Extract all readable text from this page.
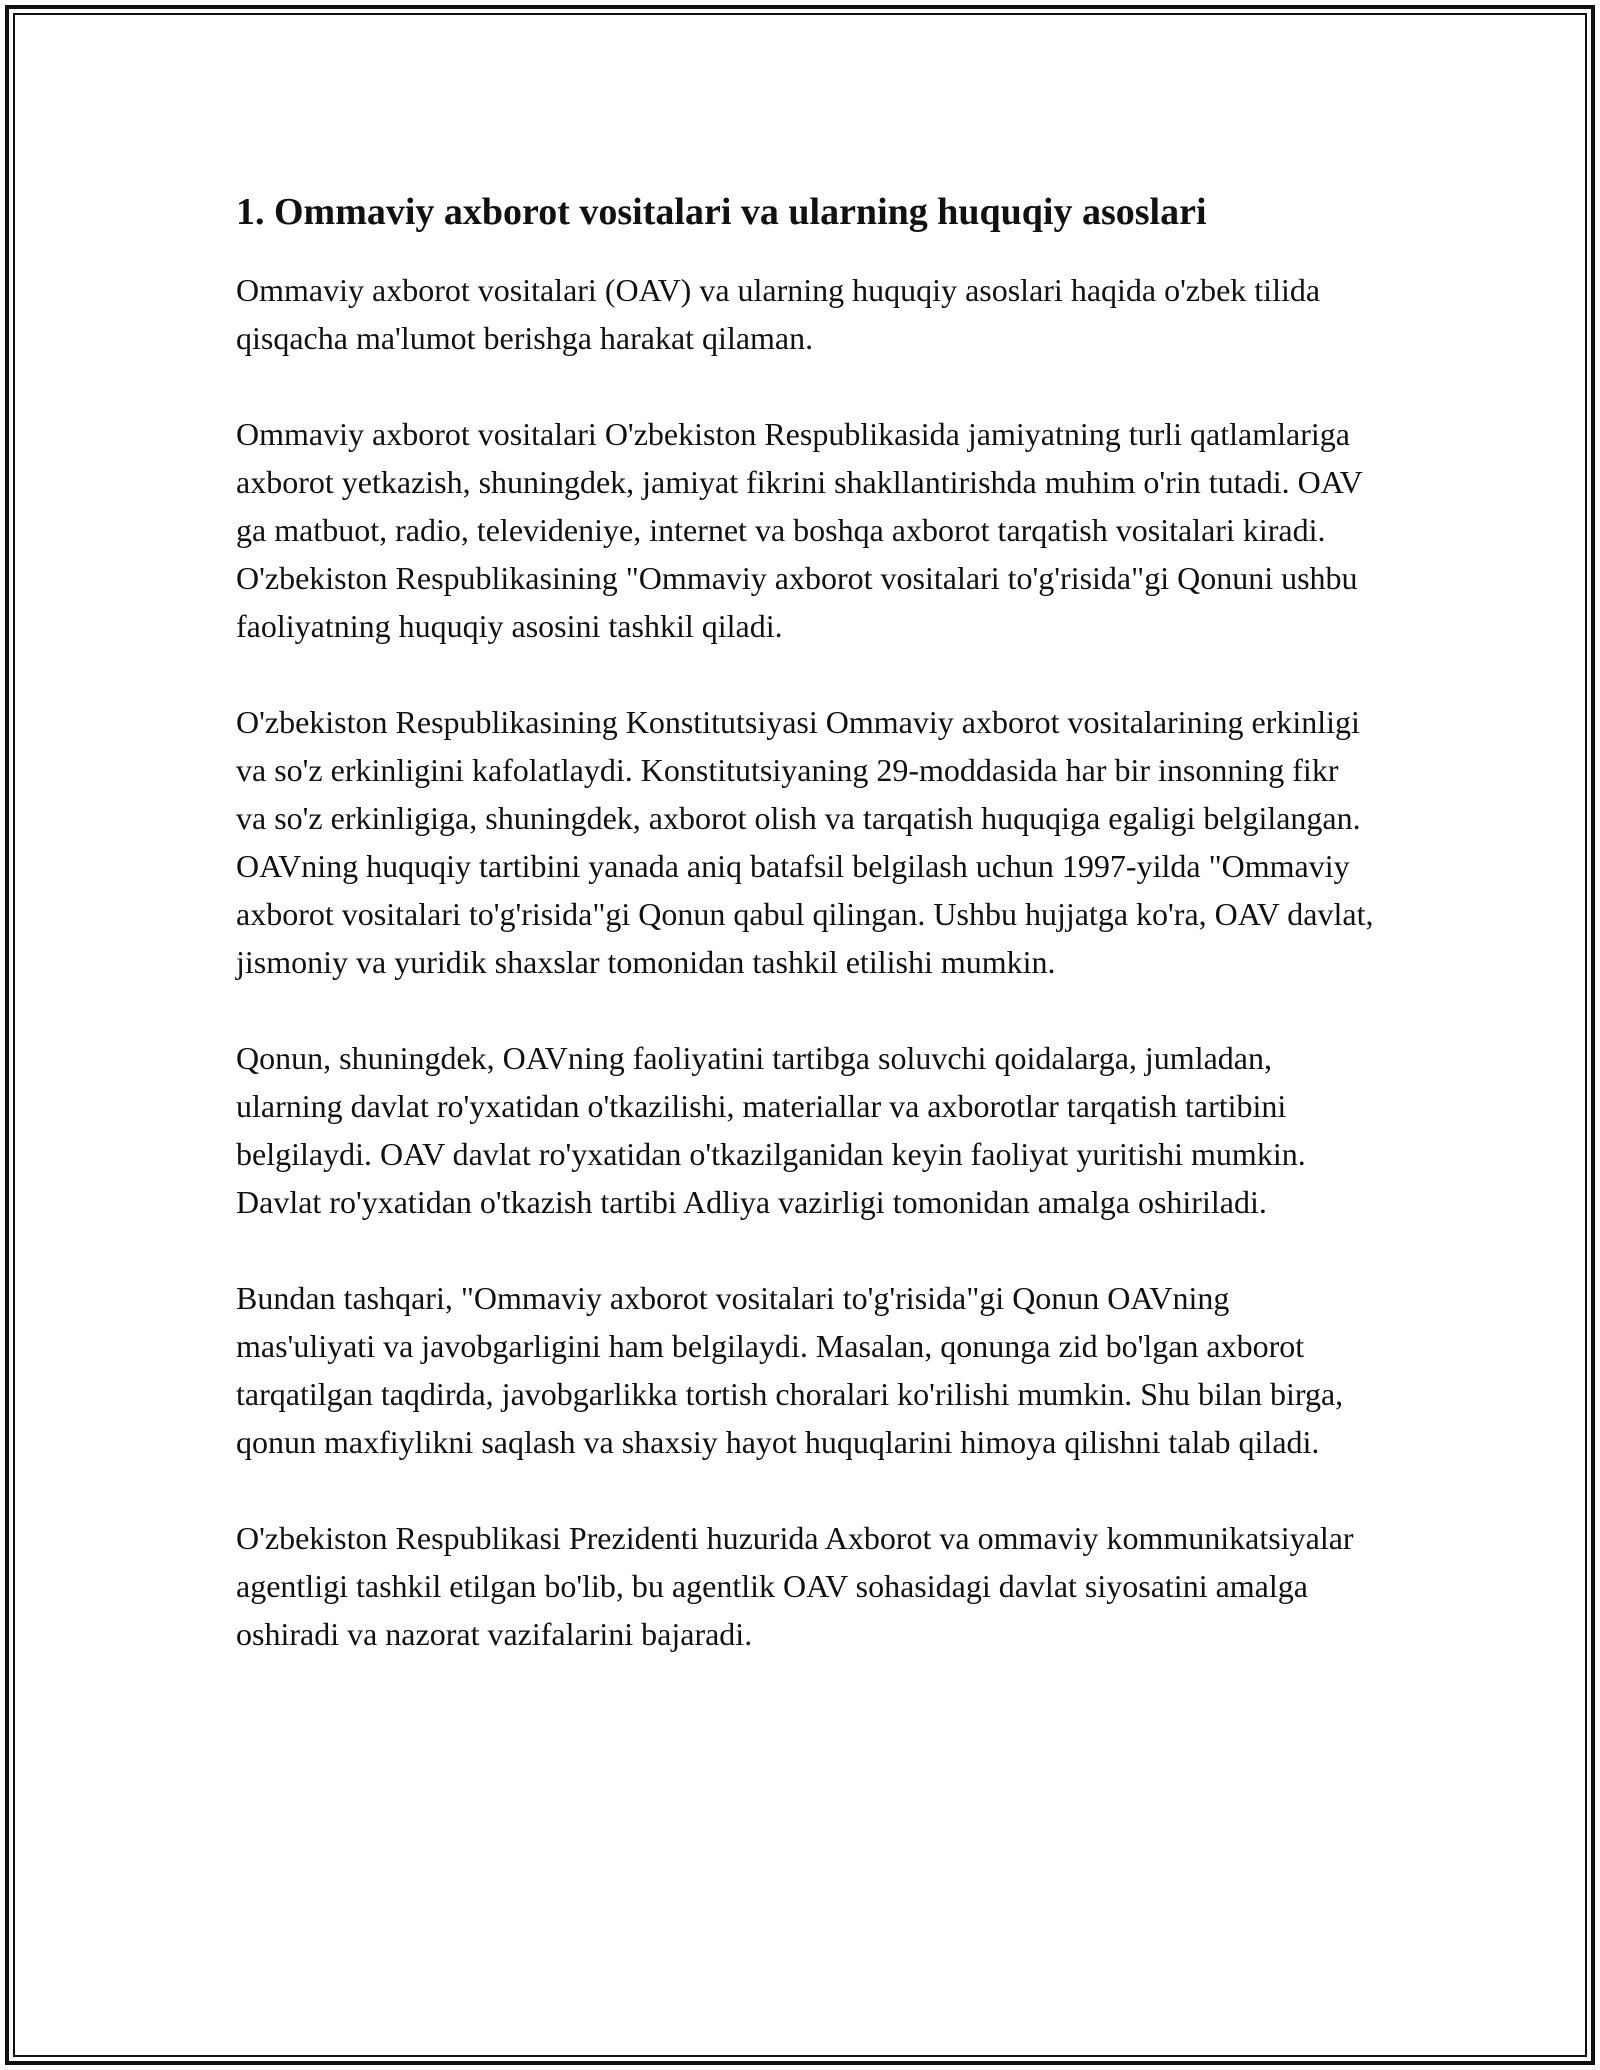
1. Ommaviy axborot vositalari va ularning huquqiy asoslari

Ommaviy axborot vositalari (OAV) va ularning huquqiy asoslari haqida o'zbek tilida qisqacha ma'lumot berishga harakat qilaman.

Ommaviy axborot vositalari O'zbekiston Respublikasida jamiyatning turli qatlamlariga axborot yetkazish, shuningdek, jamiyat fikrini shakllantirishda muhim o'rin tutadi. OAV ga matbuot, radio, televideniye, internet va boshqa axborot tarqatish vositalari kiradi. O'zbekiston Respublikasining "Ommaviy axborot vositalari to'g'risida"gi Qonuni ushbu faoliyatning huquqiy asosini tashkil qiladi.

O'zbekiston Respublikasining Konstitutsiyasi Ommaviy axborot vositalarining erkinligi va so'z erkinligini kafolatlaydi. Konstitutsiyaning 29-moddasida har bir insonning fikr va so'z erkinligiga, shuningdek, axborot olish va tarqatish huquqiga egaligi belgilangan. OAVning huquqiy tartibini yanada aniq batafsil belgilash uchun 1997-yilda "Ommaviy axborot vositalari to'g'risida"gi Qonun qabul qilingan. Ushbu hujjatga ko'ra, OAV davlat, jismoniy va yuridik shaxslar tomonidan tashkil etilishi mumkin.

Qonun, shuningdek, OAVning faoliyatini tartibga soluvchi qoidalarga, jumladan, ularning davlat ro'yxatidan o'tkazilishi, materiallar va axborotlar tarqatish tartibini belgilaydi. OAV davlat ro'yxatidan o'tkazilganidan keyin faoliyat yuritishi mumkin. Davlat ro'yxatidan o'tkazish tartibi Adliya vazirligi tomonidan amalga oshiriladi.

Bundan tashqari, "Ommaviy axborot vositalari to'g'risida"gi Qonun OAVning mas'uliyati va javobgarligini ham belgilaydi. Masalan, qonunga zid bo'lgan axborot tarqatilgan taqdirda, javobgarlikka tortish choralari ko'rilishi mumkin. Shu bilan birga, qonun maxfiylikni saqlash va shaxsiy hayot huquqlarini himoya qilishni talab qiladi.

O'zbekiston Respublikasi Prezidenti huzurida Axborot va ommaviy kommunikatsiyalar agentligi tashkil etilgan bo'lib, bu agentlik OAV sohasidagi davlat siyosatini amalga oshiradi va nazorat vazifalarini bajaradi.
